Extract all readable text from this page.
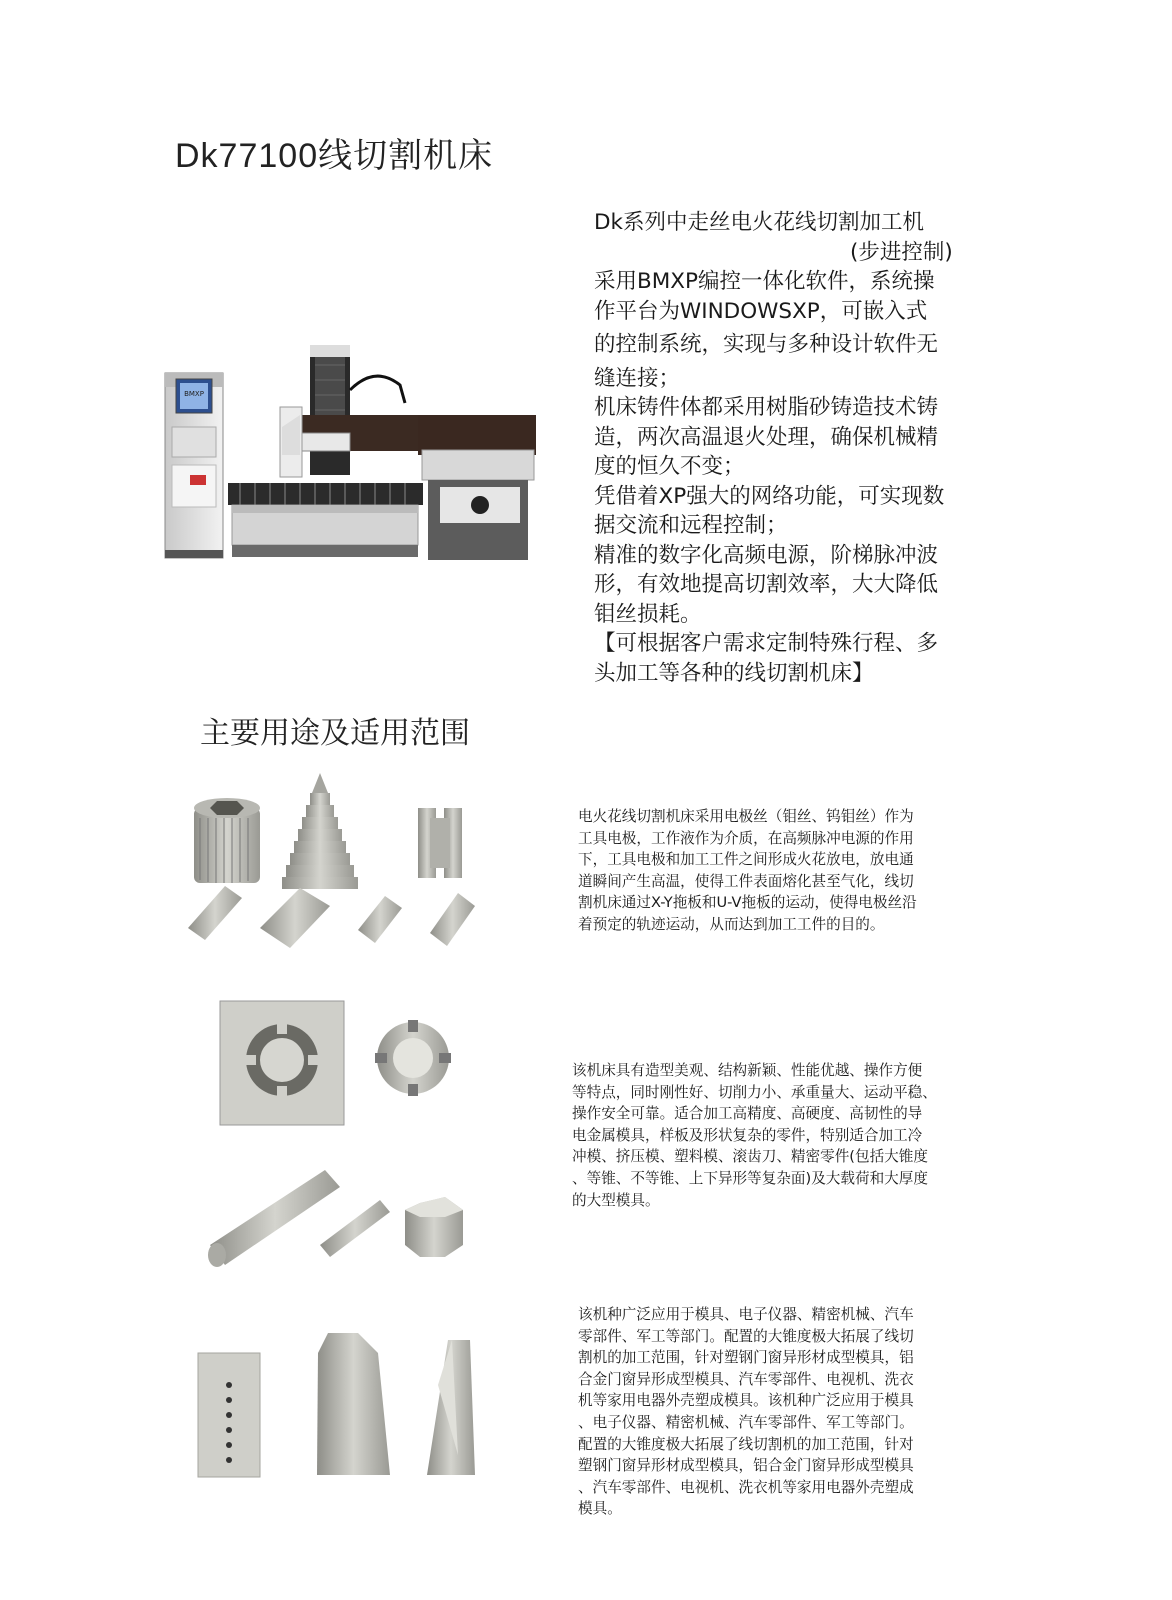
Dk77100线切割机床
BMXP

Dk系列中走丝电火花线切割加工机

(步进控制)

采用BMXP编控一体化软件，系统操

作平台为WINDOWSXP，可嵌入式

的控制系统，实现与多种设计软件无

缝连接；

机床铸件体都采用树脂砂铸造技术铸

造，两次高温退火处理，确保机械精

度的恒久不变；

凭借着XP强大的网络功能，可实现数

据交流和远程控制；

精准的数字化高频电源，阶梯脉冲波

形，有效地提高切割效率，大大降低

钼丝损耗。

【可根据客户需求定制特殊行程、多

头加工等各种的线切割机床】

主要用途及适用范围
电火花线切割机床采用电极丝（钼丝、钨钼丝）作为
工具电极，工作液作为介质，在高频脉冲电源的作用
下，工具电极和加工工件之间形成火花放电，放电通
道瞬间产生高温，使得工件表面熔化甚至气化，线切
割机床通过X-Y拖板和U-V拖板的运动，使得电极丝沿
着预定的轨迹运动，从而达到加工工件的目的。
该机床具有造型美观、结构新颖、性能优越、操作方便
等特点，同时刚性好、切削力小、承重量大、运动平稳、
操作安全可靠。适合加工高精度、高硬度、高韧性的导
电金属模具，样板及形状复杂的零件，特别适合加工冷
冲模、挤压模、塑料模、滚齿刀、精密零件(包括大锥度
、等锥、不等锥、上下异形等复杂面)及大载荷和大厚度
的大型模具。
该机种广泛应用于模具、电子仪器、精密机械、汽车
零部件、军工等部门。配置的大锥度极大拓展了线切
割机的加工范围，针对塑钢门窗异形材成型模具，铝
合金门窗异形成型模具、汽车零部件、电视机、洗衣
机等家用电器外壳塑成模具。该机种广泛应用于模具
、电子仪器、精密机械、汽车零部件、军工等部门。
配置的大锥度极大拓展了线切割机的加工范围，针对
塑钢门窗异形材成型模具，铝合金门窗异形成型模具
、汽车零部件、电视机、洗衣机等家用电器外壳塑成
模具。
